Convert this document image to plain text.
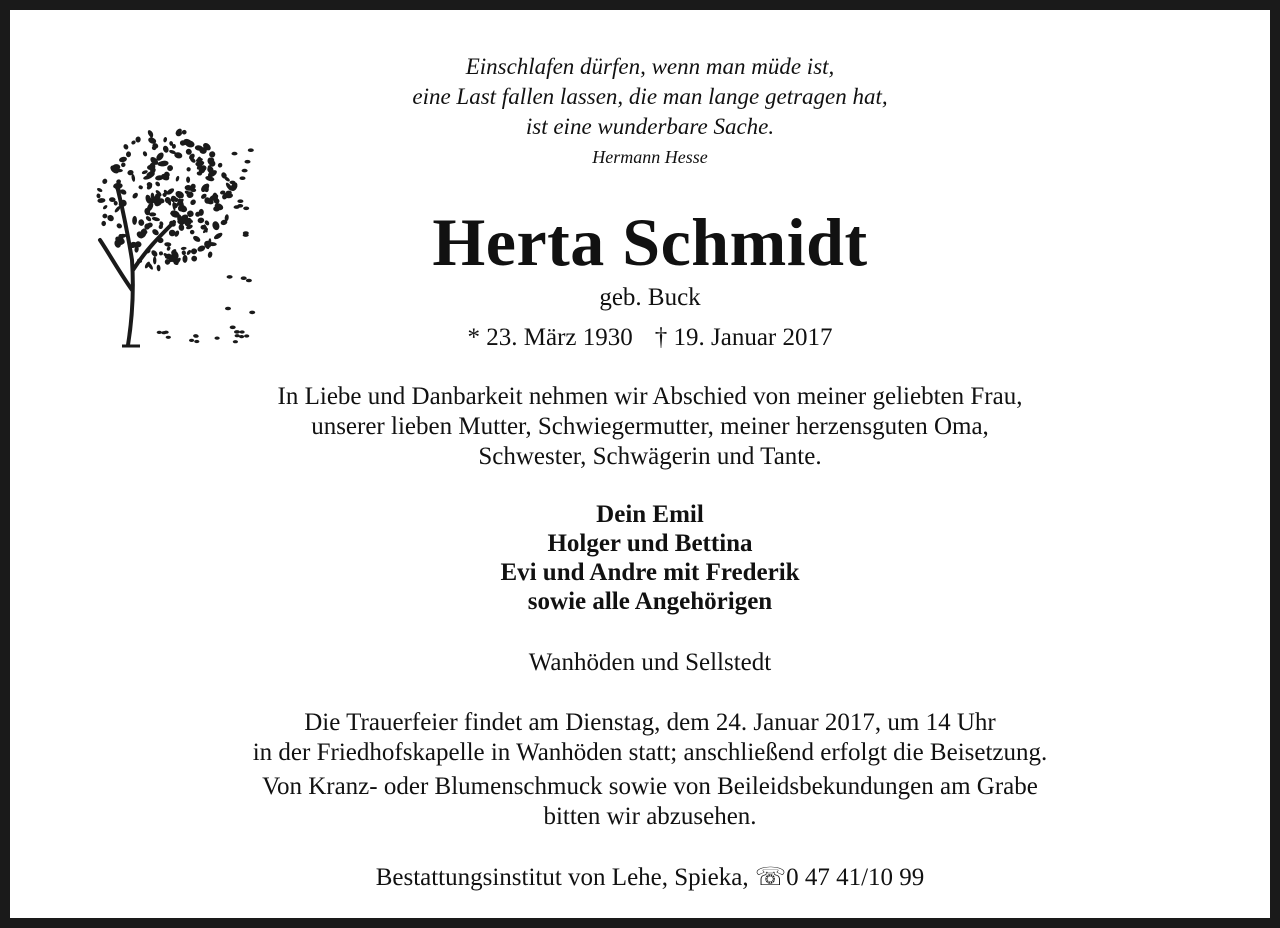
Einschlafen dürfen, wenn man müde ist,
eine Last fallen lassen, die man lange getragen hat,
ist eine wunderbare Sache.
Hermann Hesse
Herta Schmidt
geb. Buck
* 23. März 1930 † 19. Januar 2017
In Liebe und Danbarkeit nehmen wir Abschied von meiner geliebten Frau,
unserer lieben Mutter, Schwiegermutter, meiner herzensguten Oma,
Schwester, Schwägerin und Tante.
Dein Emil
Holger und Bettina
Evi und Andre mit Frederik
sowie alle Angehörigen
Wanhöden und Sellstedt
Die Trauerfeier findet am Dienstag, dem 24. Januar 2017, um 14 Uhr
in der Friedhofskapelle in Wanhöden statt; anschließend erfolgt die Beisetzung.
Von Kranz- oder Blumenschmuck sowie von Beileidsbekundungen am Grabe
bitten wir abzusehen.
Bestattungsinstitut von Lehe, Spieka, ☏0 47 41/10 99
